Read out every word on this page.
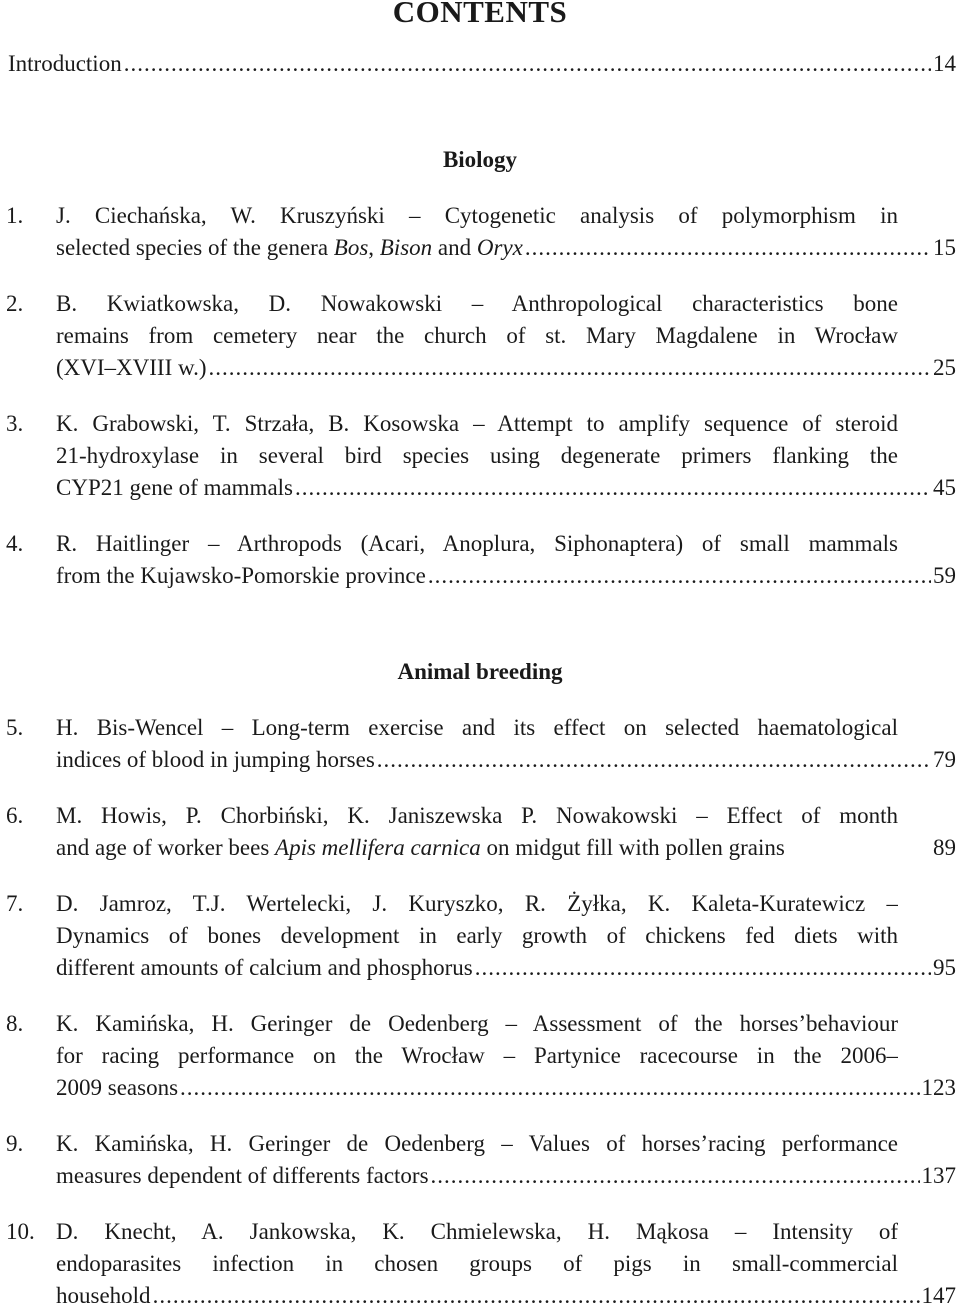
CONTENTS
Introduction .....	14
Biology
1. J. Ciechańska, W. Kruszyński – Cytogenetic analysis of polymorphism in
selected species of the genera Bos, Bison and Oryx .....	15
2. B. Kwiatkowska, D. Nowakowski – Anthropological characteristics bone
remains from cemetery near the church of st. Mary Magdalene in Wrocław
(XVI–XVIII w.) .....	25
3. K. Grabowski, T. Strzała, B. Kosowska – Attempt to amplify sequence of steroid
21-hydroxylase in several bird species using degenerate primers flanking the
CYP21 gene of mammals .....	45
4. R. Haitlinger – Arthropods (Acari, Anoplura, Siphonaptera) of small mammals
from the Kujawsko-Pomorskie province .....	59
Animal breeding
5. H. Bis-Wencel – Long-term exercise and its effect on selected haematological
indices of blood in jumping horses .....	79
6. M. Howis, P. Chorbiński, K. Janiszewska P. Nowakowski – Effect of month
and age of worker bees Apis mellifera carnica on midgut fill with pollen grains	89
7. D. Jamroz, T.J. Wertelecki, J. Kuryszko, R. Żyłka, K. Kaleta-Kuratewicz –
Dynamics of bones development in early growth of chickens fed diets with
different amounts of calcium and phosphorus .....	95
8. K. Kamińska, H. Geringer de Oedenberg – Assessment of the horses’behaviour
for racing performance on the Wrocław – Partynice racecourse in the 2006–
2009 seasons .....	123
9. K. Kamińska, H. Geringer de Oedenberg – Values of horses’racing performance
measures dependent of differents factors .....	137
10. D. Knecht, A. Jankowska, K. Chmielewska, H. Mąkosa – Intensity of
endoparasites infection in chosen groups of pigs in small-commercial
household .....	147
